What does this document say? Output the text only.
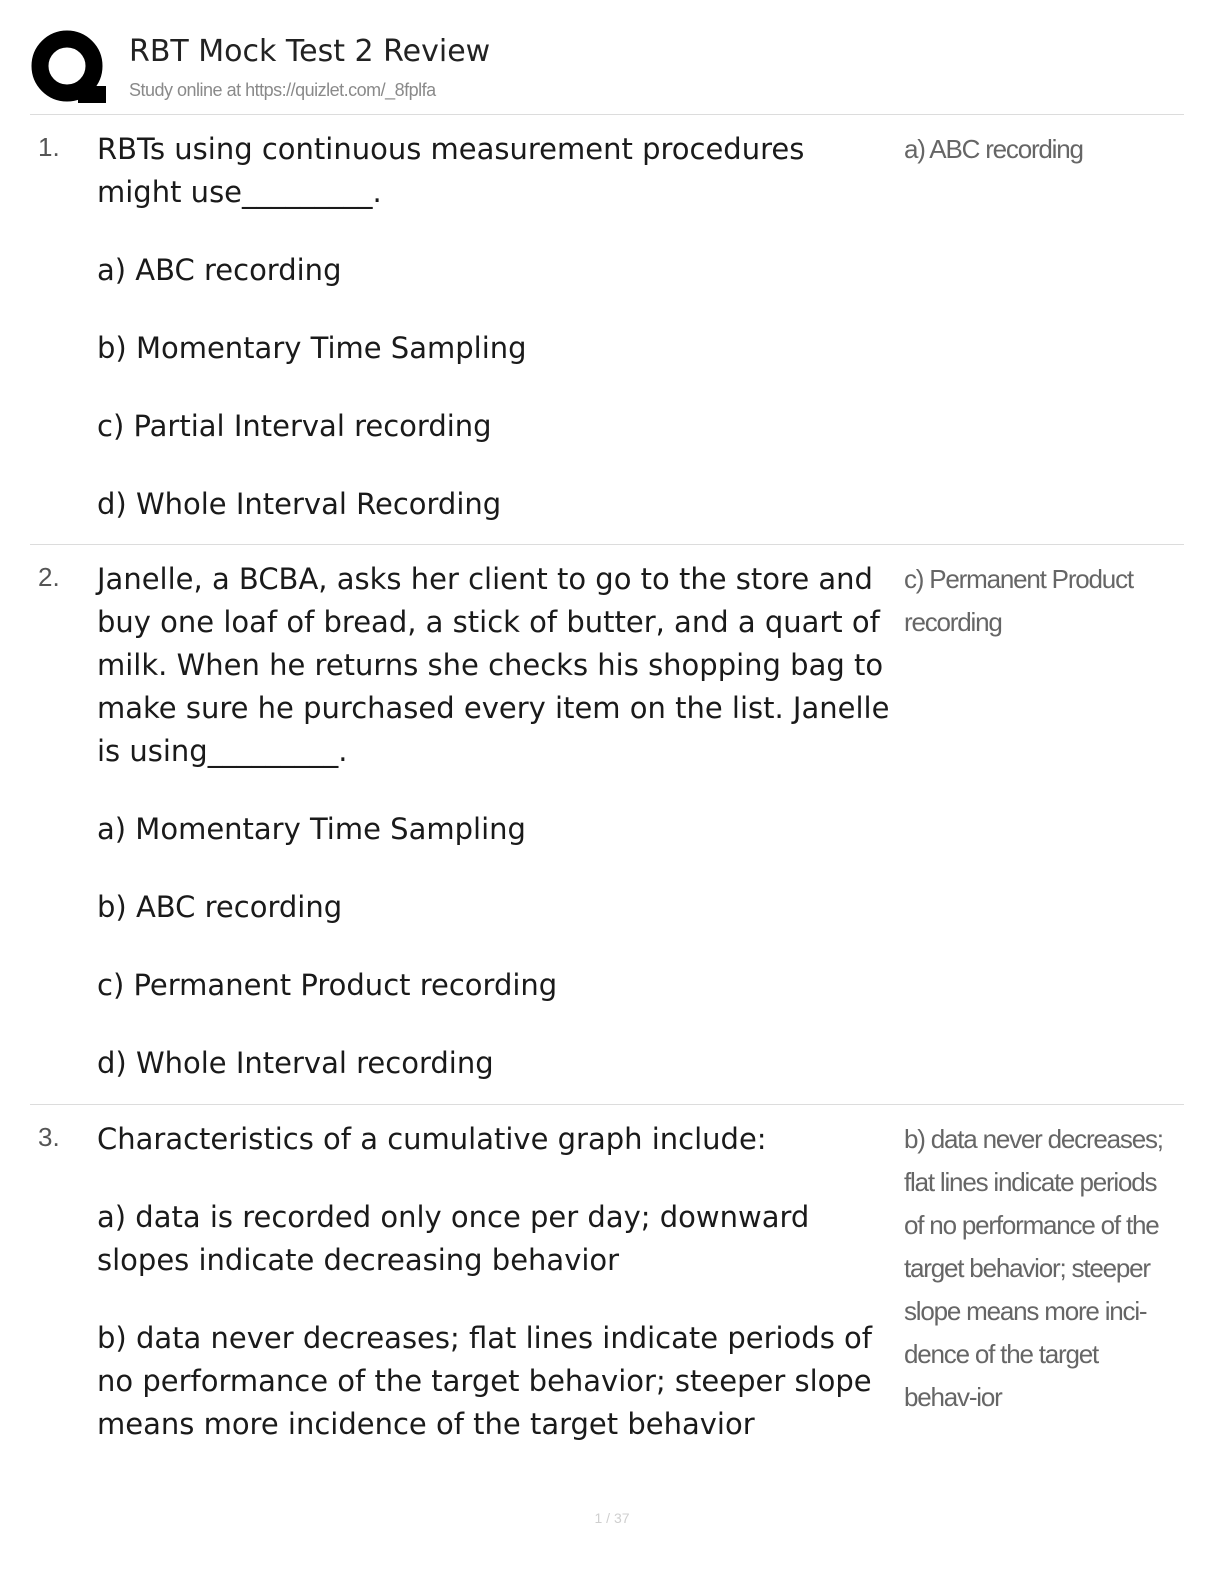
RBT Mock Test 2 Review
Study online at https://quizlet.com/_8fplfa
1. RBTs using continuous measurement procedures might use_________.

a) ABC recording

b) Momentary Time Sampling

c) Partial Interval recording

d) Whole Interval Recording

a) ABC recording
2. Janelle, a BCBA, asks her client to go to the store and buy one loaf of bread, a stick of butter, and a quart of milk. When he returns she checks his shopping bag to make sure he purchased every item on the list. Janelle is using_________.

a) Momentary Time Sampling

b) ABC recording

c) Permanent Product recording

d) Whole Interval recording

c) Permanent Product recording
3. Characteristics of a cumulative graph include:

a) data is recorded only once per day; downward slopes indicate decreasing behavior

b) data never decreases; flat lines indicate periods of no performance of the target behavior; steeper slope means more incidence of the target behavior

b) data never decreases; flat lines indicate periods of no performance of the target behavior; steeper slope means more inci-dence of the target behav-ior
1 / 37
